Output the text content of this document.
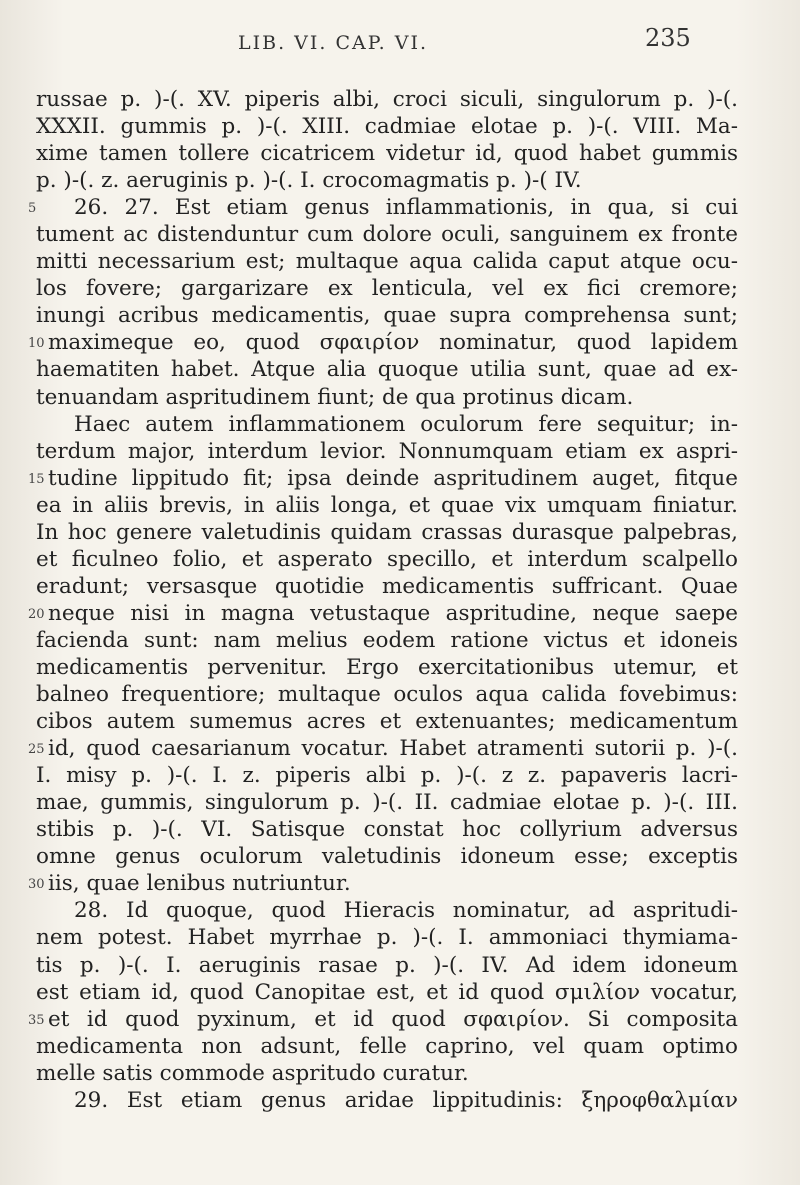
LIB. VI. CAP. VI.	235
russae p. )-(. XV. piperis albi, croci siculi, singulorum p. )-(.
XXXII. gummis p. )-(. XIII. cadmiae elotae p. )-(. VIII. Ma-
xime tamen tollere cicatricem videtur id, quod habet gummis
p. )-(. z. aeruginis p. )-(. I. crocomagmatis p. )-( IV.
5	26. 27. Est etiam genus inflammationis, in qua, si cui
tument ac distenduntur cum dolore oculi, sanguinem ex fronte
mitti necessarium est; multaque aqua calida caput atque ocu-
los fovere; gargarizare ex lenticula, vel ex fici cremore;
inungi acribus medicamentis, quae supra comprehensa sunt;
10 maximeque eo, quod σφαιρίον nominatur, quod lapidem
haematiten habet. Atque alia quoque utilia sunt, quae ad ex-
tenuandam aspritudinem fiunt; de qua protinus dicam.
Haec autem inflammationem oculorum fere sequitur; in-
terdum major, interdum levior. Nonnumquam etiam ex aspri-
15 tudine lippitudo fit; ipsa deinde aspritudinem auget, fitque
ea in aliis brevis, in aliis longa, et quae vix umquam finiatur.
In hoc genere valetudinis quidam crassas durasque palpebras,
et ficulneo folio, et asperato specillo, et interdum scalpello
eradunt; versasque quotidie medicamentis suffricant. Quae
20 neque nisi in magna vetustaque aspritudine, neque saepe
facienda sunt: nam melius eodem ratione victus et idoneis
medicamentis pervenitur. Ergo exercitationibus utemur, et
balneo frequentiore; multaque oculos aqua calida fovebimus:
cibos autem sumemus acres et extenuantes; medicamentum
25 id, quod caesarianum vocatur. Habet atramenti sutorii p. )-(.
I. misy p. )-(. I. z. piperis albi p. )-(. z z. papaveris lacri-
mae, gummis, singulorum p. )-(. II. cadmiae elotae p. )-(. III.
stibis p. )-(. VI. Satisque constat hoc collyrium adversus
omne genus oculorum valetudinis idoneum esse; exceptis
30 iis, quae lenibus nutriuntur.
28. Id quoque, quod Hieracis nominatur, ad aspritudi-
nem potest. Habet myrrhae p. )-(. I. ammoniaci thymiama-
tis p. )-(. I. aeruginis rasae p. )-(. IV. Ad idem idoneum
est etiam id, quod Canopitae est, et id quod σμιλίον vocatur,
35 et id quod pyxinum, et id quod σφαιρίον. Si composita
medicamenta non adsunt, felle caprino, vel quam optimo
melle satis commode aspritudo curatur.
29. Est etiam genus aridae lippitudinis: ξηροφθαλμίαν
